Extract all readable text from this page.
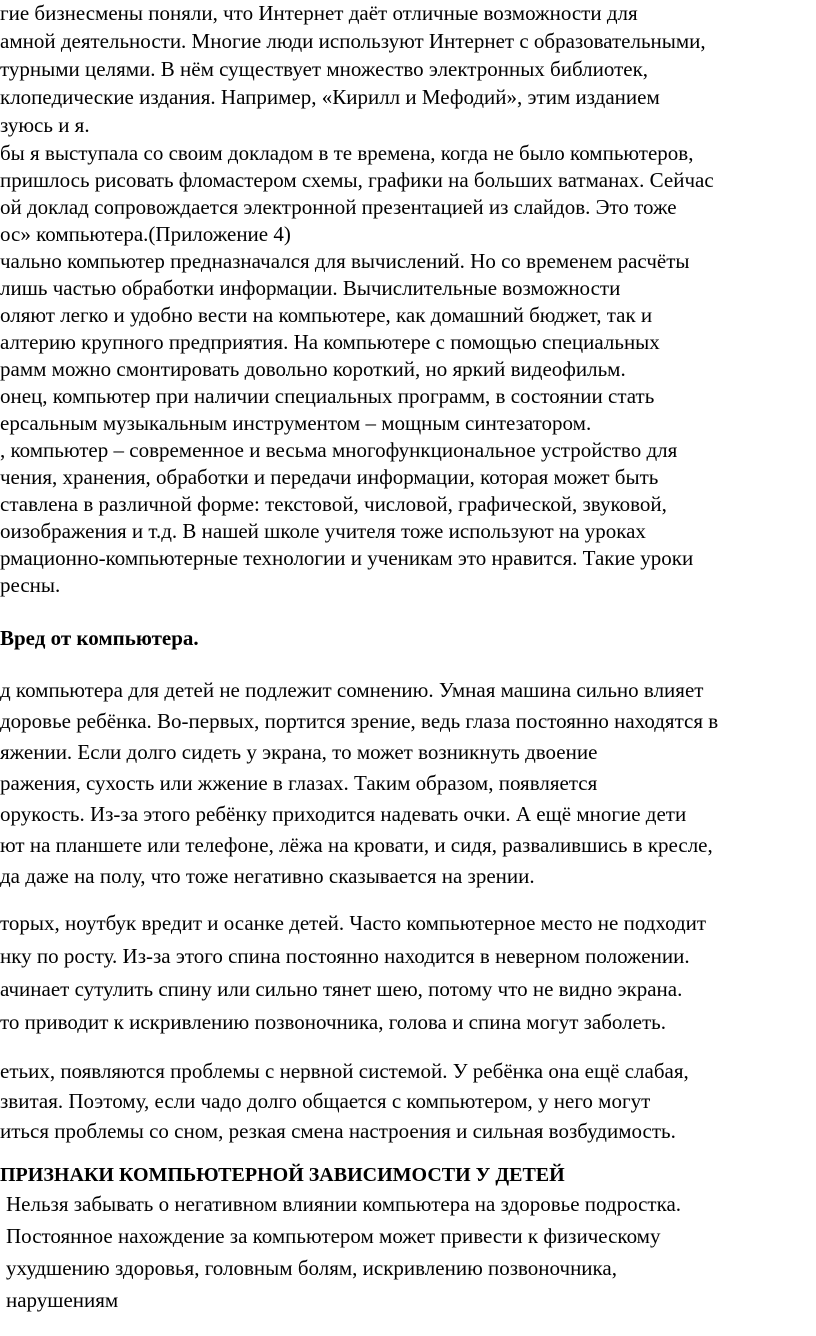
гие бизнесмены поняли, что Интернет даёт отличные возможности для
амной деятельности. Многие люди используют Интернет с образовательными,
турными целями. В нём существует множество электронных библиотек,
клопедические издания. Например, «Кирилл и Мефодий», этим изданием
зуюсь и я.
бы я выступала со своим докладом в те времена, когда не было компьютеров,
пришлось рисовать фломастером схемы, графики на больших ватманах. Сейчас
ой доклад сопровождается электронной презентацией из слайдов. Это тоже
ос» компьютера.(Приложение 4)
чально компьютер предназначался для вычислений. Но со временем расчёты
лишь частью обработки информации. Вычислительные возможности
оляют легко и удобно вести на компьютере, как домашний бюджет, так и
алтерию крупного предприятия. На компьютере с помощью специальных
рамм можно смонтировать довольно короткий, но яркий видеофильм.
онец, компьютер при наличии специальных программ, в состоянии стать
ерсальным музыкальным инструментом – мощным синтезатором.
, компьютер – современное и весьма многофункциональное устройство для
чения, хранения, обработки и передачи информации, которая может быть
ставлена в различной форме: текстовой, числовой, графической, звуковой,
оизображения и т.д. В нашей школе учителя тоже используют на уроках
рмационно-компьютерные технологии и ученикам это нравится. Такие уроки
ресны.
Вред от компьютера.
д компьютера для детей не подлежит сомнению. Умная машина сильно влияет
доровье ребёнка. Во-первых, портится зрение, ведь глаза постоянно находятся в
яжении. Если долго сидеть у экрана, то может возникнуть двоение
ражения, сухость или жжение в глазах. Таким образом, появляется
орукость. Из-за этого ребёнку приходится надевать очки. А ещё многие дети
ют на планшете или телефоне, лёжа на кровати, и сидя, развалившись в кресле,
да даже на полу, что тоже негативно сказывается на зрении.
торых, ноутбук вредит и осанке детей. Часто компьютерное место не подходит
нку по росту. Из-за этого спина постоянно находится в неверном положении.
ачинает сутулить спину или сильно тянет шею, потому что не видно экрана.
то приводит к искривлению позвоночника, голова и спина могут заболеть.
етьих, появляются проблемы с нервной системой. У ребёнка она ещё слабая,
звитая. Поэтому, если чадо долго общается с компьютером, у него могут
иться проблемы со сном, резкая смена настроения и сильная возбудимость.
ПРИЗНАКИ КОМПЬЮТЕРНОЙ ЗАВИСИМОСТИ У ДЕТЕЙ
Нельзя забывать о негативном влиянии компьютера на здоровье подростка.
Постоянное нахождение за компьютером может привести к физическому
ухудшению здоровья, головным болям, искривлению позвоночника,
нарушениям
